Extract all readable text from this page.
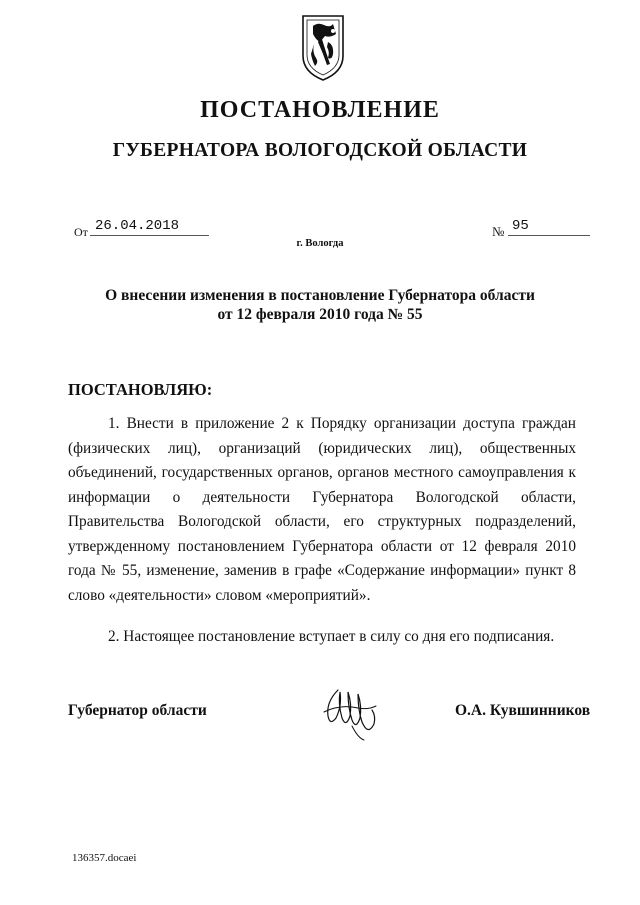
ПОСТАНОВЛЕНИЕ
ГУБЕРНАТОРА ВОЛОГОДСКОЙ ОБЛАСТИ
От 26.04.2018	№ 95
г. Вологда
О внесении изменения в постановление Губернатора области
от 12 февраля 2010 года № 55
ПОСТАНОВЛЯЮ:

1. Внести в приложение 2 к Порядку организации доступа граждан (физических лиц), организаций (юридических лиц), общественных объединений, государственных органов, органов местного самоуправления к информации о деятельности Губернатора Вологодской области, Правительства Вологодской области, его структурных подразделений, утвержденному постановлением Губернатора области от 12 февраля 2010 года № 55, изменение, заменив в графе «Содержание информации» пункт 8 слово «деятельности» словом «мероприятий».

2. Настоящее постановление вступает в силу со дня его подписания.

Губернатор области	О.А. Кувшинников
136357.docaei
